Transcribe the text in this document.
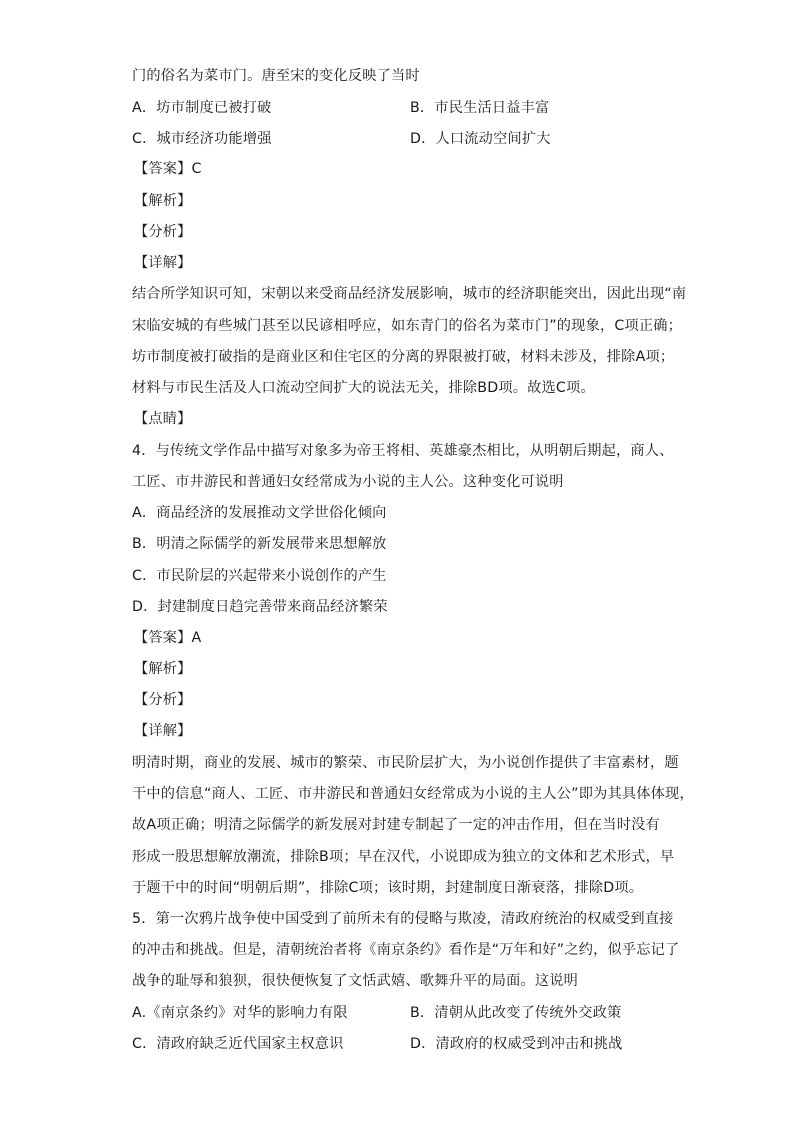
门的俗名为菜市门。唐至宋的变化反映了当时
A．坊市制度已被打破	B．市民生活日益丰富
C．城市经济功能增强	D．人口流动空间扩大
【答案】C
【解析】
【分析】
【详解】
结合所学知识可知，宋朝以来受商品经济发展影响，城市的经济职能突出，因此出现“南
宋临安城的有些城门甚至以民谚相呼应，如东青门的俗名为菜市门”的现象，C项正确；
坊市制度被打破指的是商业区和住宅区的分离的界限被打破，材料未涉及，排除A项；
材料与市民生活及人口流动空间扩大的说法无关，排除BD项。故选C项。
【点睛】
4．与传统文学作品中描写对象多为帝王将相、英雄豪杰相比，从明朝后期起，商人、
工匠、市井游民和普通妇女经常成为小说的主人公。这种变化可说明
A．商品经济的发展推动文学世俗化倾向
B．明清之际儒学的新发展带来思想解放
C．市民阶层的兴起带来小说创作的产生
D．封建制度日趋完善带来商品经济繁荣
【答案】A
【解析】
【分析】
【详解】
明清时期，商业的发展、城市的繁荣、市民阶层扩大，为小说创作提供了丰富素材，题
干中的信息“商人、工匠、市井游民和普通妇女经常成为小说的主人公”即为其具体体现，
故A项正确；明清之际儒学的新发展对封建专制起了一定的冲击作用，但在当时没有
形成一股思想解放潮流，排除B项；早在汉代，小说即成为独立的文体和艺术形式，早
于题干中的时间“明朝后期”，排除C项；该时期，封建制度日渐衰落，排除D项。
5．第一次鸦片战争使中国受到了前所未有的侵略与欺凌，清政府统治的权威受到直接
的冲击和挑战。但是，清朝统治者将《南京条约》看作是“万年和好”之约，似乎忘记了
战争的耻辱和狼狈，很快便恢复了文恬武嬉、歌舞升平的局面。这说明
A.《南京条约》对华的影响力有限	B．清朝从此改变了传统外交政策
C．清政府缺乏近代国家主权意识	D．清政府的权威受到冲击和挑战
